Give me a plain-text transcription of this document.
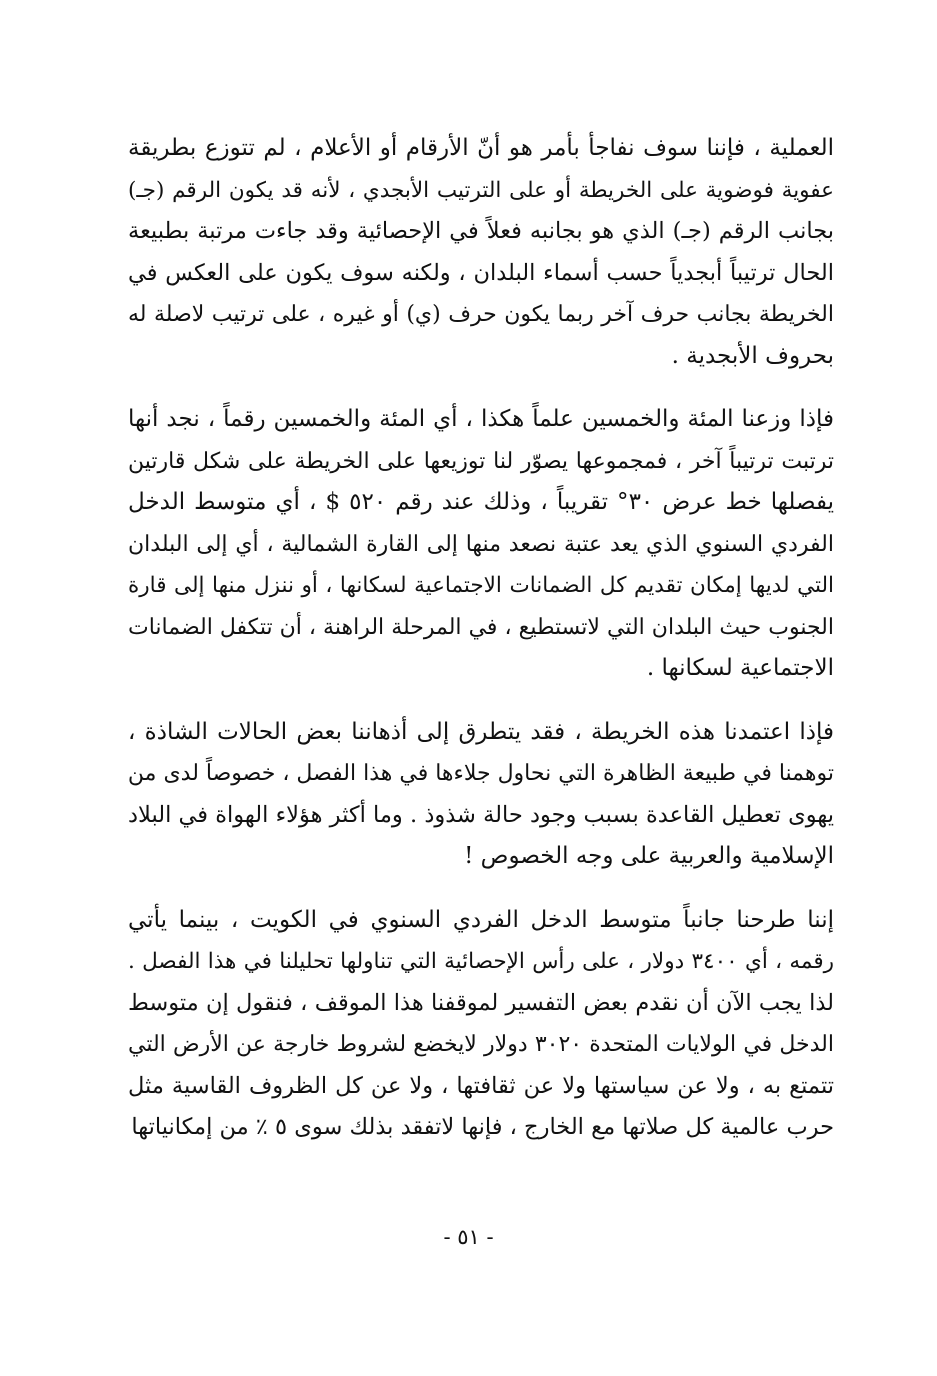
العملية ، فإننا سوف نفاجأ بأمر هو أنّ الأرقام أو الأعلام ، لم تتوزع بطريقة
عفوية فوضوية على الخريطة أو على الترتيب الأبجدي ، لأنه قد يكون الرقم (جـ)
بجانب الرقم (جـ) الذي هو بجانبه فعلاً في الإحصائية وقد جاءت مرتبة بطبيعة
الحال ترتيباً أبجدياً حسب أسماء البلدان ، ولكنه سوف يكون على العكس في
الخريطة بجانب حرف آخر ربما يكون حرف (ي) أو غيره ، على ترتيب لاصلة له
بحروف الأبجدية .
فإذا وزعنا المئة والخمسين علماً هكذا ، أي المئة والخمسين رقماً ، نجد أنها
ترتبت ترتيباً آخر ، فمجموعها يصوّر لنا توزيعها على الخريطة على شكل قارتين
يفصلها خط عرض ٣٠° تقريباً ، وذلك عند رقم ٥٢٠ $ ، أي متوسط الدخل
الفردي السنوي الذي يعد عتبة نصعد منها إلى القارة الشمالية ، أي إلى البلدان
التي لديها إمكان تقديم كل الضمانات الاجتماعية لسكانها ، أو ننزل منها إلى قارة
الجنوب حيث البلدان التي لاتستطيع ، في المرحلة الراهنة ، أن تتكفل الضمانات
الاجتماعية لسكانها .
فإذا اعتمدنا هذه الخريطة ، فقد يتطرق إلى أذهاننا بعض الحالات الشاذة ،
توهمنا في طبيعة الظاهرة التي نحاول جلاءها في هذا الفصل ، خصوصاً لدى من
يهوى تعطيل القاعدة بسبب وجود حالة شذوذ . وما أكثر هؤلاء الهواة في البلاد
الإسلامية والعربية على وجه الخصوص !
إننا طرحنا جانباً متوسط الدخل الفردي السنوي في الكويت ، بينما يأتي
رقمه ، أي ٣٤٠٠ دولار ، على رأس الإحصائية التي تناولها تحليلنا في هذا الفصل .
لذا يجب الآن أن نقدم بعض التفسير لموقفنا هذا الموقف ، فنقول إن متوسط
الدخل في الولايات المتحدة ٣٠٢٠ دولار لايخضع لشروط خارجة عن الأرض التي
تتمتع به ، ولا عن سياستها ولا عن ثقافتها ، ولا عن كل الظروف القاسية مثل
حرب عالمية كل صلاتها مع الخارج ، فإنها لاتفقد بذلك سوى ٥ ٪ من إمكانياتها
- ٥١ -
